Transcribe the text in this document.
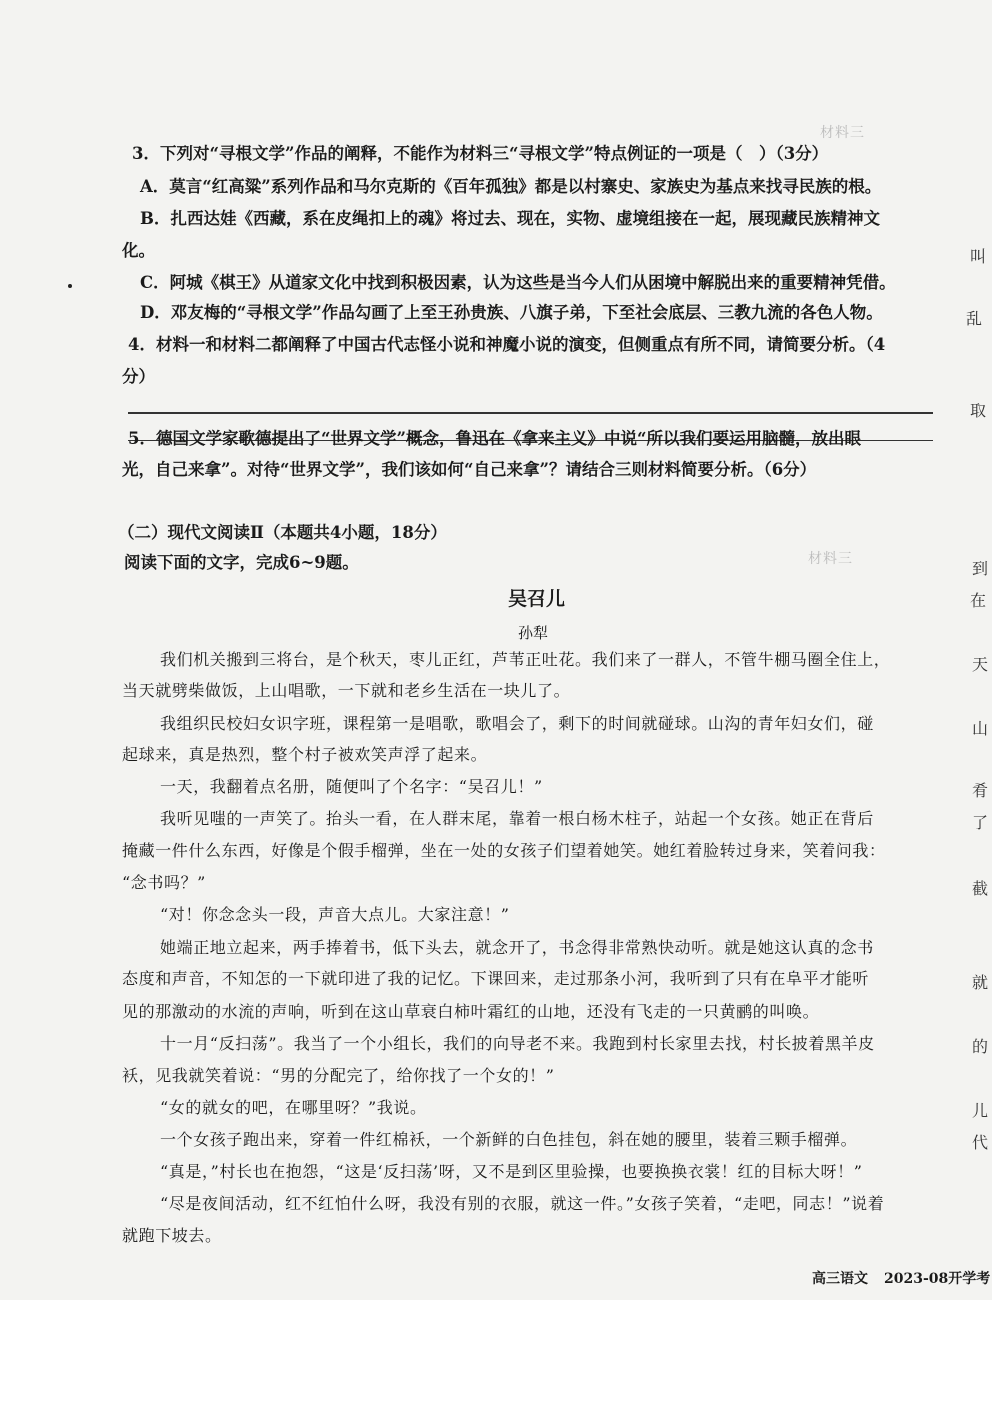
材料三
材料三
3．下列对“寻根文学”作品的阐释，不能作为材料三“寻根文学”特点例证的一项是（　）（3分）
A．莫言“红高粱”系列作品和马尔克斯的《百年孤独》都是以村寨史、家族史为基点来找寻民族的根。
B．扎西达娃《西藏，系在皮绳扣上的魂》将过去、现在，实物、虚境组接在一起，展现藏民族精神文
化。
C．阿城《棋王》从道家文化中找到积极因素，认为这些是当今人们从困境中解脱出来的重要精神凭借。
D．邓友梅的“寻根文学”作品勾画了上至王孙贵族、八旗子弟，下至社会底层、三教九流的各色人物。
4．材料一和材料二都阐释了中国古代志怪小说和神魔小说的演变，但侧重点有所不同，请简要分析。（4
分）
5．德国文学家歌德提出了“世界文学”概念，鲁迅在《拿来主义》中说“所以我们要运用脑髓，放出眼
光，自己来拿”。对待“世界文学”，我们该如何“自己来拿”？请结合三则材料简要分析。（6分）
（二）现代文阅读Ⅱ（本题共4小题，18分）
阅读下面的文字，完成6~9题。
吴召儿
孙犁
我们机关搬到三将台，是个秋天，枣儿正红，芦苇正吐花。我们来了一群人，不管牛棚马圈全住上，
当天就劈柴做饭，上山唱歌，一下就和老乡生活在一块儿了。
我组织民校妇女识字班，课程第一是唱歌，歌唱会了，剩下的时间就碰球。山沟的青年妇女们，碰
起球来，真是热烈，整个村子被欢笑声浮了起来。
一天，我翻着点名册，随便叫了个名字：“吴召儿！”
我听见嗤的一声笑了。抬头一看，在人群末尾，靠着一根白杨木柱子，站起一个女孩。她正在背后
掩藏一件什么东西，好像是个假手榴弹，坐在一处的女孩子们望着她笑。她红着脸转过身来，笑着问我：
“念书吗？”
“对！你念念头一段，声音大点儿。大家注意！”
她端正地立起来，两手捧着书，低下头去，就念开了，书念得非常熟快动听。就是她这认真的念书
态度和声音，不知怎的一下就印进了我的记忆。下课回来，走过那条小河，我听到了只有在阜平才能听
见的那激动的水流的声响，听到在这山草衰白柿叶霜红的山地，还没有飞走的一只黄鹂的叫唤。
十一月“反扫荡”。我当了一个小组长，我们的向导老不来。我跑到村长家里去找，村长披着黑羊皮
袄，见我就笑着说：“男的分配完了，给你找了一个女的！”
“女的就女的吧，在哪里呀？”我说。
一个女孩子跑出来，穿着一件红棉袄，一个新鲜的白色挂包，斜在她的腰里，装着三颗手榴弹。
“真是，”村长也在抱怨，“这是‘反扫荡’呀，又不是到区里验操，也要换换衣裳！红的目标大呀！”
“尽是夜间活动，红不红怕什么呀，我没有别的衣服，就这一件。”女孩子笑着，“走吧，同志！”说着
就跑下坡去。
叫
乱
取
到
在
天
山
肴
了
截
就
的
儿
代
高三语文 2023-08开学考
